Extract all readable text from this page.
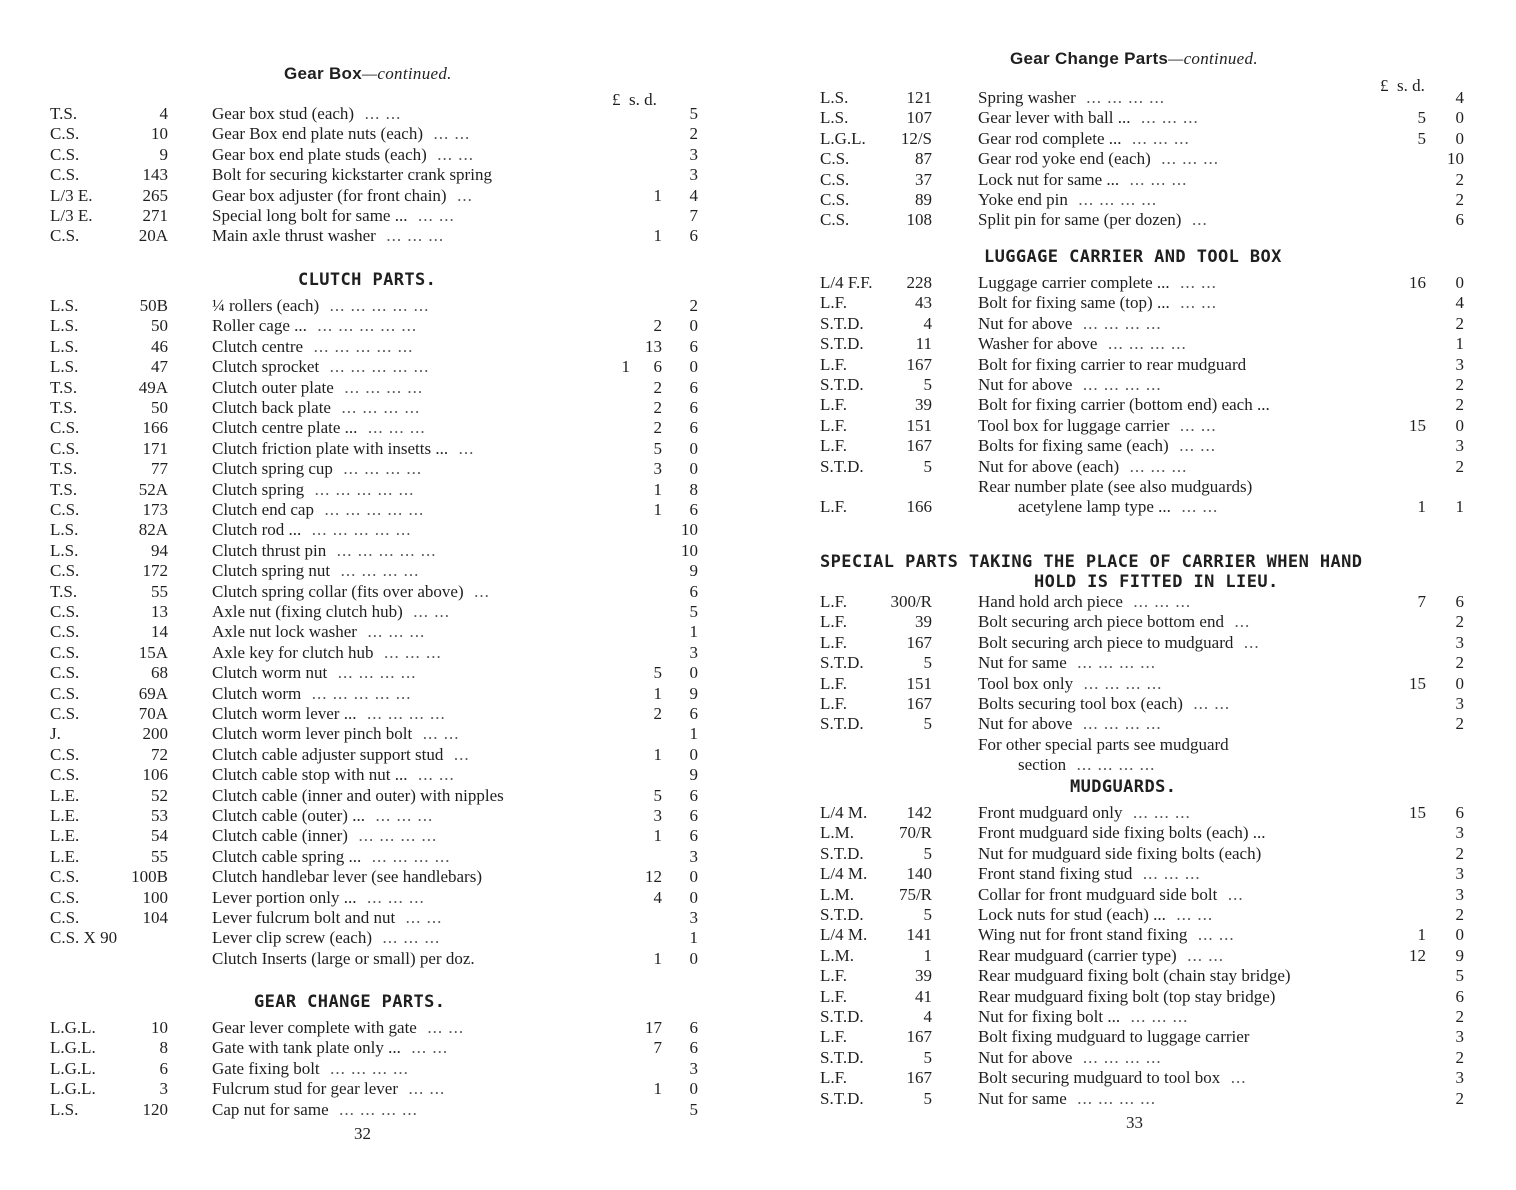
Gear Box—continued.
£ s. d.
T.S.	4	Gear box stud (each)  ... ...	5
C.S.	10	Gear Box end plate nuts (each)  ... ...	2
C.S.	9	Gear box end plate studs (each)  ... ...	3
C.S.	143	Bolt for securing kickstarter crank spring	3
L/3 E.	265	Gear box adjuster (for front chain)  ...	1 4
L/3 E.	271	Special long bolt for same ...  ... ...	7
C.S.	20A	Main axle thrust washer  ... ... ...	1 6
CLUTCH PARTS.
L.S.	50B	¼ rollers (each)  ... ... ... ... ...	2
L.S.	50	Roller cage ...  ... ... ... ... ...	2 0
L.S.	46	Clutch centre  ... ... ... ... ...	13 6
L.S.	47	Clutch sprocket  ... ... ... ... ...	1 6 0
T.S.	49A	Clutch outer plate  ... ... ... ...	2 6
T.S.	50	Clutch back plate  ... ... ... ...	2 6
C.S.	166	Clutch centre plate ...  ... ... ...	2 6
C.S.	171	Clutch friction plate with insetts ...  ...	5 0
T.S.	77	Clutch spring cup  ... ... ... ...	3 0
T.S.	52A	Clutch spring  ... ... ... ... ...	1 8
C.S.	173	Clutch end cap  ... ... ... ... ...	1 6
L.S.	82A	Clutch rod ...  ... ... ... ... ...	10
L.S.	94	Clutch thrust pin  ... ... ... ... ...	10
C.S.	172	Clutch spring nut  ... ... ... ...	9
T.S.	55	Clutch spring collar (fits over above)  ...	6
C.S.	13	Axle nut (fixing clutch hub)  ... ...	5
C.S.	14	Axle nut lock washer  ... ... ...	1
C.S.	15A	Axle key for clutch hub  ... ... ...	3
C.S.	68	Clutch worm nut  ... ... ... ...	5 0
C.S.	69A	Clutch worm  ... ... ... ... ...	1 9
C.S.	70A	Clutch worm lever ...  ... ... ... ...	2 6
J.	200	Clutch worm lever pinch bolt  ... ...	1
C.S.	72	Clutch cable adjuster support stud  ...	1 0
C.S.	106	Clutch cable stop with nut ...  ... ...	9
L.E.	52	Clutch cable (inner and outer) with nipples	5 6
L.E.	53	Clutch cable (outer) ...  ... ... ...	3 6
L.E.	54	Clutch cable (inner)  ... ... ... ...	1 6
L.E.	55	Clutch cable spring ...  ... ... ... ...	3
C.S.	100B	Clutch handlebar lever (see handlebars)	12 0
C.S.	100	Lever portion only ...  ... ... ...	4 0
C.S.	104	Lever fulcrum bolt and nut  ... ...	3
C.S. X 90	Lever clip screw (each)  ... ... ...	1
Clutch Inserts (large or small) per doz.	1 0
GEAR CHANGE PARTS.
L.G.L.	10	Gear lever complete with gate  ... ...	17 6
L.G.L.	8	Gate with tank plate only ...  ... ...	7 6
L.G.L.	6	Gate fixing bolt  ... ... ... ...	3
L.G.L.	3	Fulcrum stud for gear lever  ... ...	1 0
L.S.	120	Cap nut for same  ... ... ... ...	5
32
Gear Change Parts—continued.
£ s. d.
L.S.	121	Spring washer  ... ... ... ...	4
L.S.	107	Gear lever with ball ...  ... ... ...	5 0
L.G.L. 12/S	Gear rod complete ...  ... ... ...	5 0
C.S.	87	Gear rod yoke end (each)  ... ... ...	10
C.S.	37	Lock nut for same ...  ... ... ...	2
C.S.	89	Yoke end pin  ... ... ... ...	2
C.S.	108	Split pin for same (per dozen)  ...	6
LUGGAGE CARRIER AND TOOL BOX
L/4 F.F. 228	Luggage carrier complete ...  ... ...	16 0
L.F.	43	Bolt for fixing same (top) ...  ... ...	4
S.T.D.	4	Nut for above  ... ... ... ...	2
S.T.D.	11	Washer for above  ... ... ... ...	1
L.F.	167	Bolt for fixing carrier to rear mudguard	3
S.T.D.	5	Nut for above  ... ... ... ...	2
L.F.	39	Bolt for fixing carrier (bottom end) each ...	2
L.F.	151	Tool box for luggage carrier  ... ...	15 0
L.F.	167	Bolts for fixing same (each)  ... ...	3
S.T.D.	5	Nut for above (each)  ... ... ...	2
Rear number plate (see also mudguards)
L.F.	166	acetylene lamp type ...  ... ...	1 1
SPECIAL PARTS TAKING THE PLACE OF CARRIER WHEN HAND
HOLD IS FITTED IN LIEU.
L.F.	300/R	Hand hold arch piece  ... ... ...	7 6
L.F.	39	Bolt securing arch piece bottom end  ...	2
L.F.	167	Bolt securing arch piece to mudguard  ...	3
S.T.D.	5	Nut for same  ... ... ... ...	2
L.F.	151	Tool box only  ... ... ... ...	15 0
L.F.	167	Bolts securing tool box (each)  ... ...	3
S.T.D.	5	Nut for above  ... ... ... ...	2
For other special parts see mudguard
section  ... ... ... ...
MUDGUARDS.
L/4 M. 142	Front mudguard only  ... ... ...	15 6
L.M.	70/R	Front mudguard side fixing bolts (each) ...	3
S.T.D.	5	Nut for mudguard side fixing bolts (each)	2
L/4 M. 140	Front stand fixing stud  ... ... ...	3
L.M.	75/R	Collar for front mudguard side bolt  ...	3
S.T.D.	5	Lock nuts for stud (each) ...  ... ...	2
L/4 M. 141	Wing nut for front stand fixing  ... ...	1 0
L.M.	1	Rear mudguard (carrier type)  ... ...	12 9
L.F.	39	Rear mudguard fixing bolt (chain stay bridge)	5
L.F.	41	Rear mudguard fixing bolt (top stay bridge)	6
S.T.D.	4	Nut for fixing bolt ...  ... ... ...	2
L.F.	167	Bolt fixing mudguard to luggage carrier	3
S.T.D.	5	Nut for above  ... ... ... ...	2
L.F.	167	Bolt securing mudguard to tool box  ...	3
S.T.D.	5	Nut for same  ... ... ... ...	2
33
